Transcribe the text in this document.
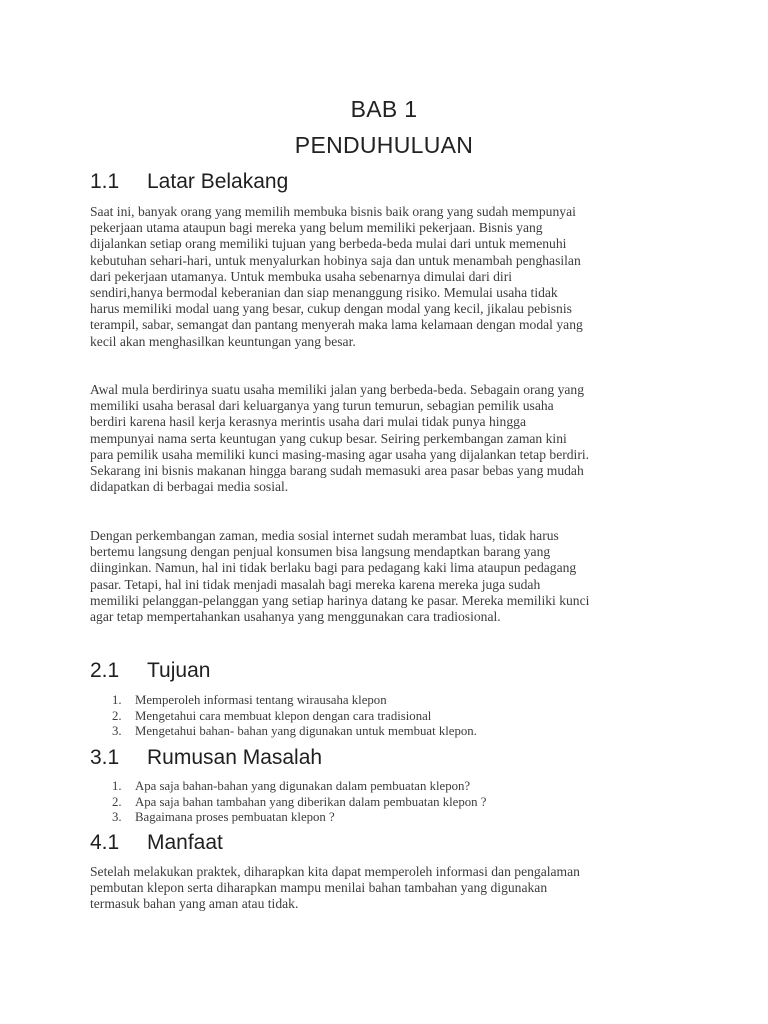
BAB 1
PENDUHULUAN
1.1 Latar Belakang
Saat ini, banyak orang yang memilih membuka bisnis baik orang yang sudah mempunyai
pekerjaan utama ataupun bagi mereka yang belum memiliki pekerjaan. Bisnis yang
dijalankan setiap orang memiliki tujuan yang berbeda-beda mulai dari untuk memenuhi
kebutuhan sehari-hari, untuk menyalurkan hobinya saja dan untuk menambah penghasilan
dari pekerjaan utamanya. Untuk membuka usaha sebenarnya dimulai dari diri
sendiri,hanya bermodal keberanian dan siap menanggung risiko. Memulai usaha tidak
harus memiliki modal uang yang besar, cukup dengan modal yang kecil, jikalau pebisnis
terampil, sabar, semangat dan pantang menyerah maka lama kelamaan dengan modal yang
kecil akan menghasilkan keuntungan yang besar.
Awal mula berdirinya suatu usaha memiliki jalan yang berbeda-beda. Sebagain orang yang
memiliki usaha berasal dari keluarganya yang turun temurun, sebagian pemilik usaha
berdiri karena hasil kerja kerasnya merintis usaha dari mulai tidak punya hingga
mempunyai nama serta keuntugan yang cukup besar. Seiring perkembangan zaman kini
para pemilik usaha memiliki kunci masing-masing agar usaha yang dijalankan tetap berdiri.
Sekarang ini bisnis makanan hingga barang sudah memasuki area pasar bebas yang mudah
didapatkan di berbagai media sosial.
Dengan perkembangan zaman, media sosial internet sudah merambat luas, tidak harus
bertemu langsung dengan penjual konsumen bisa langsung mendaptkan barang yang
diinginkan. Namun, hal ini tidak berlaku bagi para pedagang kaki lima ataupun pedagang
pasar. Tetapi, hal ini tidak menjadi masalah bagi mereka karena mereka juga sudah
memiliki pelanggan-pelanggan yang setiap harinya datang ke pasar. Mereka memiliki kunci
agar tetap mempertahankan usahanya yang menggunakan cara tradiosional.
2.1 Tujuan
1. Memperoleh informasi tentang wirausaha klepon
2. Mengetahui cara membuat klepon dengan cara tradisional
3. Mengetahui bahan- bahan yang digunakan untuk membuat klepon.
3.1 Rumusan Masalah
1. Apa saja bahan-bahan yang digunakan dalam pembuatan klepon?
2. Apa saja bahan tambahan yang diberikan dalam pembuatan klepon ?
3. Bagaimana proses pembuatan klepon ?
4.1 Manfaat
Setelah melakukan praktek, diharapkan kita dapat memperoleh informasi dan pengalaman
pembutan klepon serta diharapkan mampu menilai bahan tambahan yang digunakan
termasuk bahan yang aman atau tidak.
